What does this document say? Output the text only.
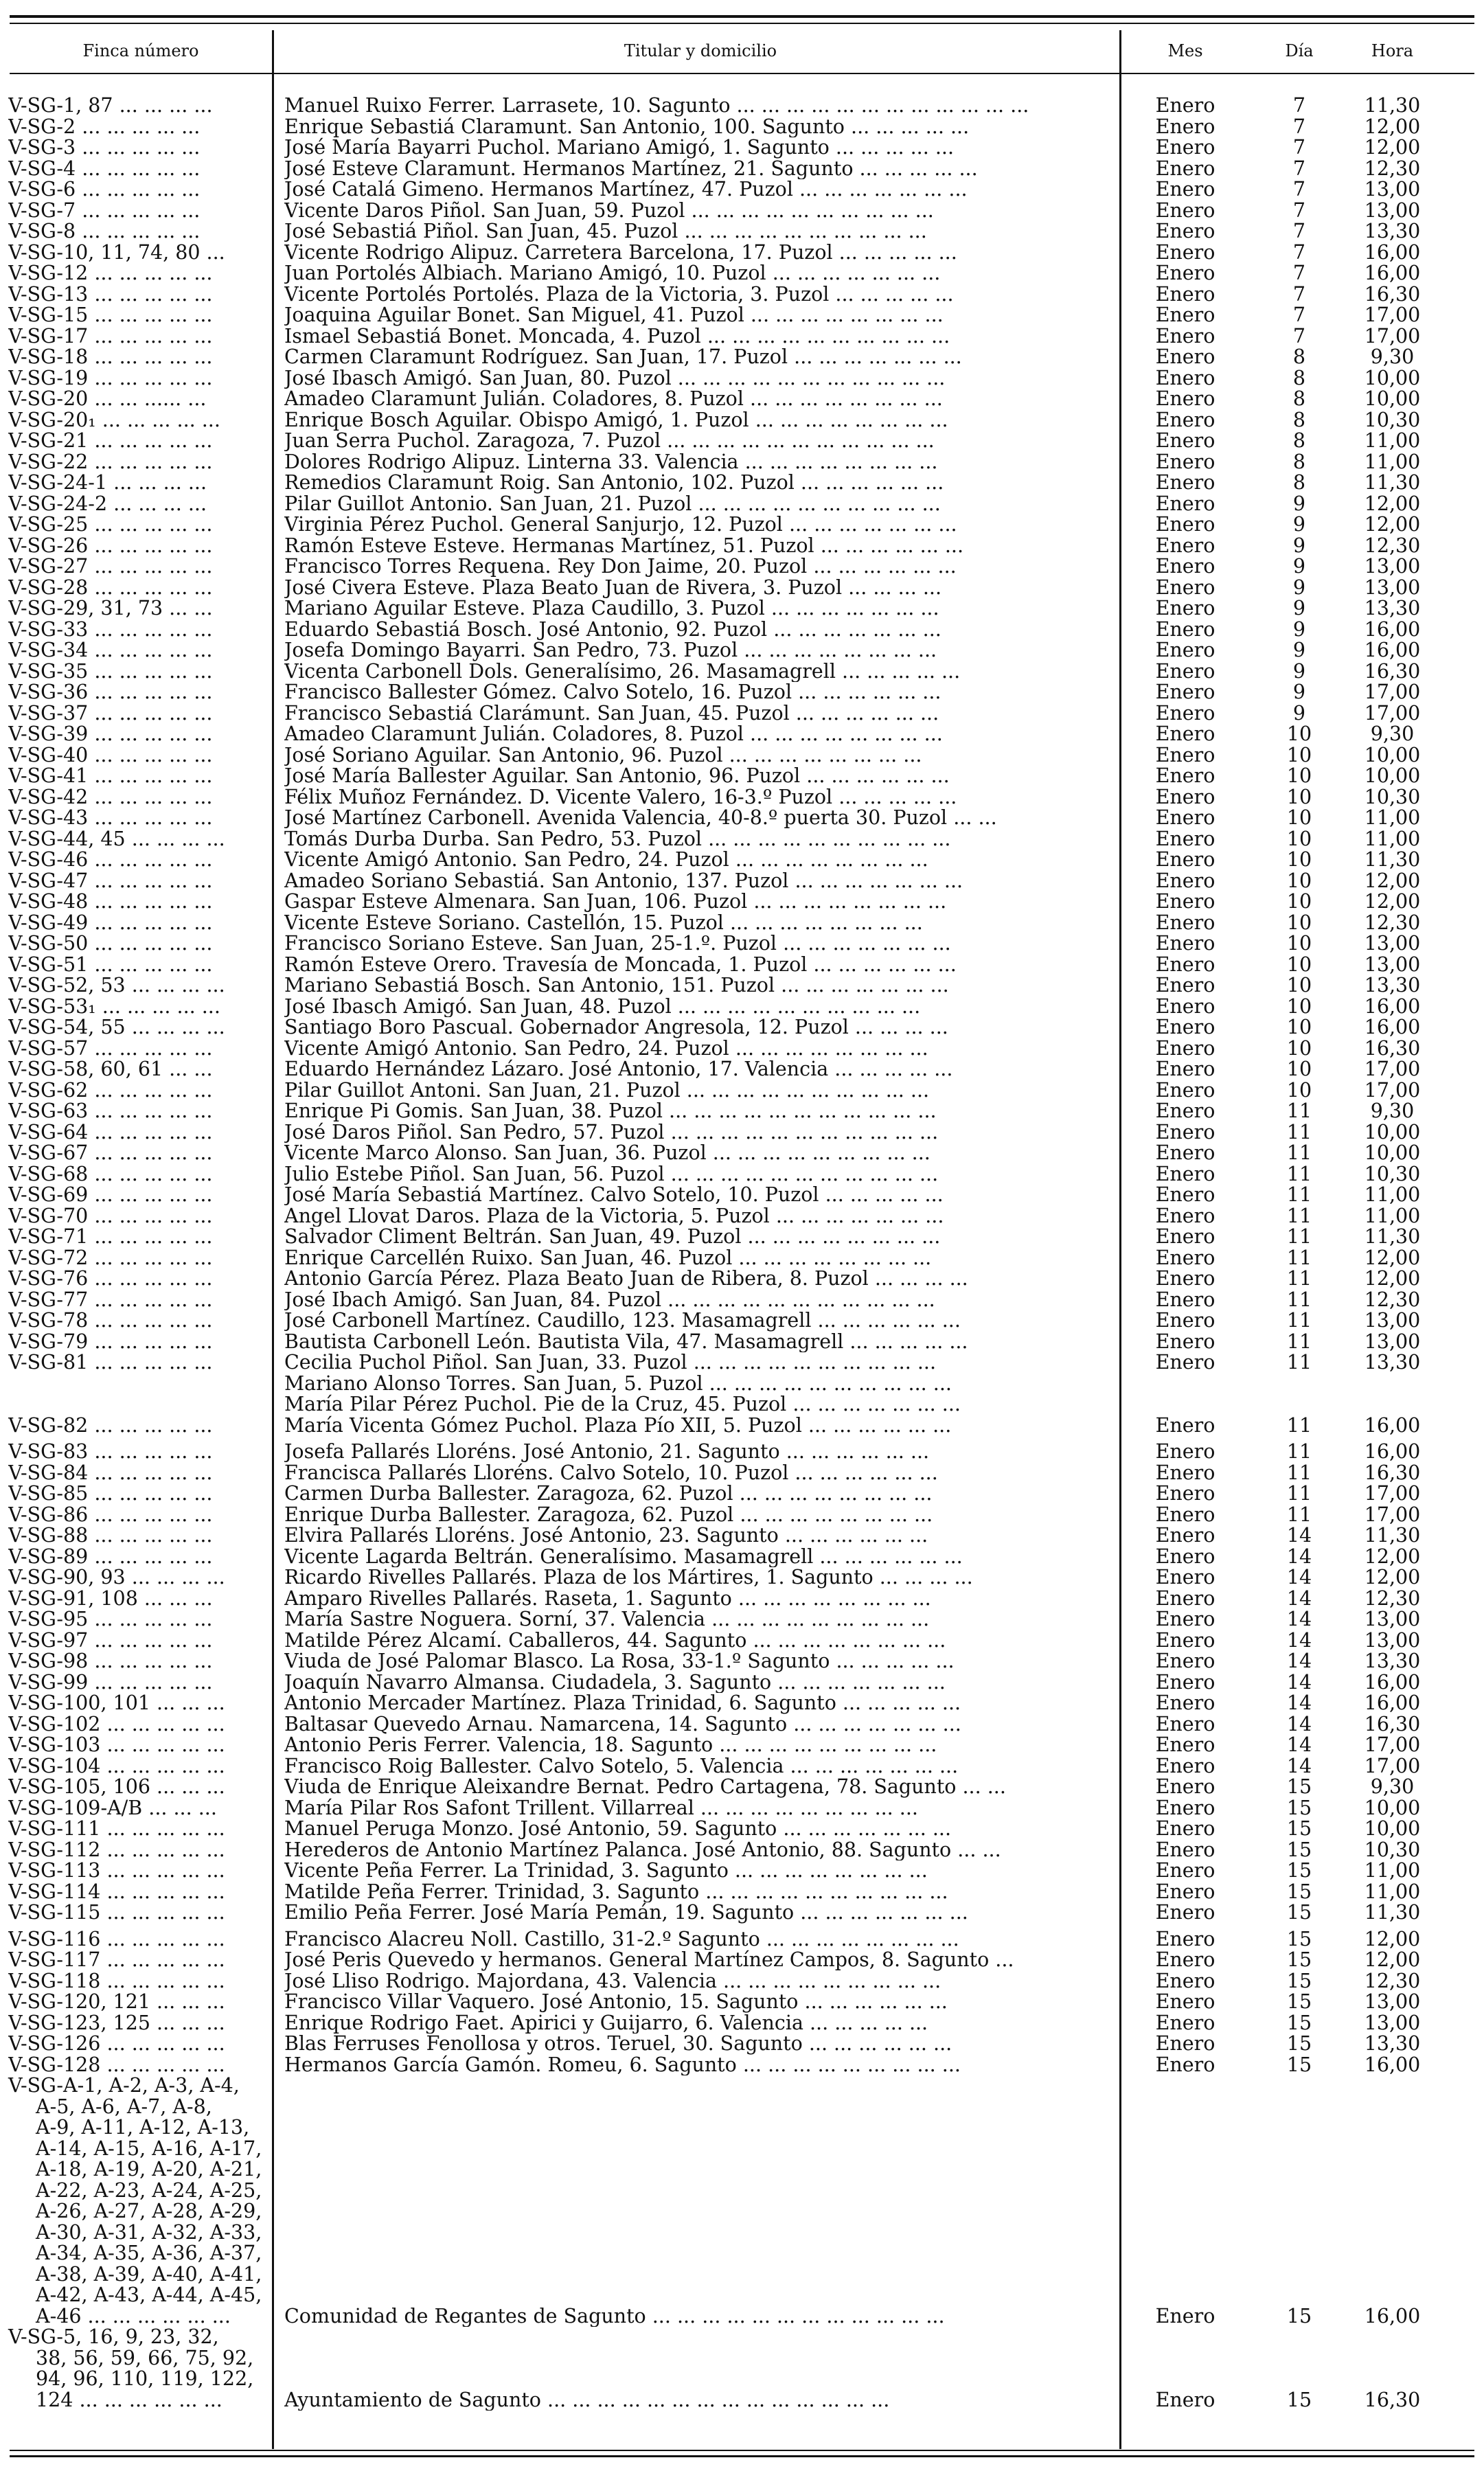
Finca número	Titular y domicilio	Mes	Día	Hora
V-SG-1, 87 ... ... ... ...	Manuel Ruixo Ferrer. Larrasete, 10. Sagunto ... ... ... ... ... ... ... ... ... ... ... ...	Enero	7	11,30
V-SG-2 ... ... ... ... ...	Enrique Sebastiá Claramunt. San Antonio, 100. Sagunto ... ... ... ... ...	Enero	7	12,00
V-SG-3 ... ... ... ... ...	José María Bayarri Puchol. Mariano Amigó, 1. Sagunto ... ... ... ... ...	Enero	7	12,00
V-SG-4 ... ... ... ... ...	José Esteve Claramunt. Hermanos Martínez, 21. Sagunto ... ... ... ... ...	Enero	7	12,30
V-SG-6 ... ... ... ... ...	José Catalá Gimeno. Hermanos Martínez, 47. Puzol ... ... ... ... ... ... ...	Enero	7	13,00
V-SG-7 ... ... ... ... ...	Vicente Daros Piñol. San Juan, 59. Puzol ... ... ... ... ... ... ... ... ... ...	Enero	7	13,00
V-SG-8 ... ... ... ... ...	José Sebastiá Piñol. San Juan, 45. Puzol ... ... ... ... ... ... ... ... ... ...	Enero	7	13,30
V-SG-10, 11, 74, 80 ...	Vicente Rodrigo Alipuz. Carretera Barcelona, 17. Puzol ... ... ... ... ...	Enero	7	16,00
V-SG-12 ... ... ... ... ...	Juan Portolés Albiach. Mariano Amigó, 10. Puzol ... ... ... ... ... ... ...	Enero	7	16,00
V-SG-13 ... ... ... ... ...	Vicente Portolés Portolés. Plaza de la Victoria, 3. Puzol ... ... ... ... ...	Enero	7	16,30
V-SG-15 ... ... ... ... ...	Joaquina Aguilar Bonet. San Miguel, 41. Puzol ... ... ... ... ... ... ... ...	Enero	7	17,00
V-SG-17 ... ... ... ... ...	Ismael Sebastiá Bonet. Moncada, 4. Puzol ... ... ... ... ... ... ... ... ... ...	Enero	7	17,00
V-SG-18 ... ... ... ... ...	Carmen Claramunt Rodríguez. San Juan, 17. Puzol ... ... ... ... ... ... ...	Enero	8	9,30
V-SG-19 ... ... ... ... ...	José Ibasch Amigó. San Juan, 80. Puzol ... ... ... ... ... ... ... ... ... ... ...	Enero	8	10,00
V-SG-20 ... ... ...... ...	Amadeo Claramunt Julián. Coladores, 8. Puzol ... ... ... ... ... ... ... ...	Enero	8	10,00
V-SG-20₁ ... ... ... ... ...	Enrique Bosch Aguilar. Obispo Amigó, 1. Puzol ... ... ... ... ... ... ... ...	Enero	8	10,30
V-SG-21 ... ... ... ... ...	Juan Serra Puchol. Zaragoza, 7. Puzol ... ... ... ... ... ... ... ... ... ... ...	Enero	8	11,00
V-SG-22 ... ... ... ... ...	Dolores Rodrigo Alipuz. Linterna 33. Valencia ... ... ... ... ... ... ... ...	Enero	8	11,00
V-SG-24-1 ... ... ... ...	Remedios Claramunt Roig. San Antonio, 102. Puzol ... ... ... ... ... ...	Enero	8	11,30
V-SG-24-2 ... ... ... ...	Pilar Guillot Antonio. San Juan, 21. Puzol ... ... ... ... ... ... ... ... ... ...	Enero	9	12,00
V-SG-25 ... ... ... ... ...	Virginia Pérez Puchol. General Sanjurjo, 12. Puzol ... ... ... ... ... ... ...	Enero	9	12,00
V-SG-26 ... ... ... ... ...	Ramón Esteve Esteve. Hermanas Martínez, 51. Puzol ... ... ... ... ... ...	Enero	9	12,30
V-SG-27 ... ... ... ... ...	Francisco Torres Requena. Rey Don Jaime, 20. Puzol ... ... ... ... ... ...	Enero	9	13,00
V-SG-28 ... ... ... ... ...	José Civera Esteve. Plaza Beato Juan de Rivera, 3. Puzol ... ... ... ...	Enero	9	13,00
V-SG-29, 31, 73 ... ...	Mariano Aguilar Esteve. Plaza Caudillo, 3. Puzol ... ... ... ... ... ... ...	Enero	9	13,30
V-SG-33 ... ... ... ... ...	Eduardo Sebastiá Bosch. José Antonio, 92. Puzol ... ... ... ... ... ... ...	Enero	9	16,00
V-SG-34 ... ... ... ... ...	Josefa Domingo Bayarri. San Pedro, 73. Puzol ... ... ... ... ... ... ... ...	Enero	9	16,00
V-SG-35 ... ... ... ... ...	Vicenta Carbonell Dols. Generalísimo, 26. Masamagrell ... ... ... ... ...	Enero	9	16,30
V-SG-36 ... ... ... ... ...	Francisco Ballester Gómez. Calvo Sotelo, 16. Puzol ... ... ... ... ... ...	Enero	9	17,00
V-SG-37 ... ... ... ... ...	Francisco Sebastiá Clarámunt. San Juan, 45. Puzol ... ... ... ... ... ...	Enero	9	17,00
V-SG-39 ... ... ... ... ...	Amadeo Claramunt Julián. Coladores, 8. Puzol ... ... ... ... ... ... ... ...	Enero	10	9,30
V-SG-40 ... ... ... ... ...	José Soriano Aguilar. San Antonio, 96. Puzol ... ... ... ... ... ... ... ...	Enero	10	10,00
V-SG-41 ... ... ... ... ...	José María Ballester Aguilar. San Antonio, 96. Puzol ... ... ... ... ... ...	Enero	10	10,00
V-SG-42 ... ... ... ... ...	Félix Muñoz Fernández. D. Vicente Valero, 16-3.º Puzol ... ... ... ... ...	Enero	10	10,30
V-SG-43 ... ... ... ... ...	José Martínez Carbonell. Avenida Valencia, 40-8.º puerta 30. Puzol ... ...	Enero	10	11,00
V-SG-44, 45 ... ... ... ...	Tomás Durba Durba. San Pedro, 53. Puzol ... ... ... ... ... ... ... ... ... ...	Enero	10	11,00
V-SG-46 ... ... ... ... ...	Vicente Amigó Antonio. San Pedro, 24. Puzol ... ... ... ... ... ... ... ...	Enero	10	11,30
V-SG-47 ... ... ... ... ...	Amadeo Soriano Sebastiá. San Antonio, 137. Puzol ... ... ... ... ... ... ...	Enero	10	12,00
V-SG-48 ... ... ... ... ...	Gaspar Esteve Almenara. San Juan, 106. Puzol ... ... ... ... ... ... ... ...	Enero	10	12,00
V-SG-49 ... ... ... ... ...	Vicente Esteve Soriano. Castellón, 15. Puzol ... ... ... ... ... ... ... ...	Enero	10	12,30
V-SG-50 ... ... ... ... ...	Francisco Soriano Esteve. San Juan, 25-1.º. Puzol ... ... ... ... ... ... ...	Enero	10	13,00
V-SG-51 ... ... ... ... ...	Ramón Esteve Orero. Travesía de Moncada, 1. Puzol ... ... ... ... ... ...	Enero	10	13,00
V-SG-52, 53 ... ... ... ...	Mariano Sebastiá Bosch. San Antonio, 151. Puzol ... ... ... ... ... ... ...	Enero	10	13,30
V-SG-53₁ ... ... ... ... ...	José Ibasch Amigó. San Juan, 48. Puzol ... ... ... ... ... ... ... ... ... ...	Enero	10	16,00
V-SG-54, 55 ... ... ... ...	Santiago Boro Pascual. Gobernador Angresola, 12. Puzol ... ... ... ...	Enero	10	16,00
V-SG-57 ... ... ... ... ...	Vicente Amigó Antonio. San Pedro, 24. Puzol ... ... ... ... ... ... ... ...	Enero	10	16,30
V-SG-58, 60, 61 ... ...	Eduardo Hernández Lázaro. José Antonio, 17. Valencia ... ... ... ... ...	Enero	10	17,00
V-SG-62 ... ... ... ... ...	Pilar Guillot Antoni. San Juan, 21. Puzol ... ... ... ... ... ... ... ... ... ...	Enero	10	17,00
V-SG-63 ... ... ... ... ...	Enrique Pi Gomis. San Juan, 38. Puzol ... ... ... ... ... ... ... ... ... ... ...	Enero	11	9,30
V-SG-64 ... ... ... ... ...	José Daros Piñol. San Pedro, 57. Puzol ... ... ... ... ... ... ... ... ... ... ...	Enero	11	10,00
V-SG-67 ... ... ... ... ...	Vicente Marco Alonso. San Juan, 36. Puzol ... ... ... ... ... ... ... ... ...	Enero	11	10,00
V-SG-68 ... ... ... ... ...	Julio Estebe Piñol. San Juan, 56. Puzol ... ... ... ... ... ... ... ... ... ... ...	Enero	11	10,30
V-SG-69 ... ... ... ... ...	José María Sebastiá Martínez. Calvo Sotelo, 10. Puzol ... ... ... ... ...	Enero	11	11,00
V-SG-70 ... ... ... ... ...	Angel Llovat Daros. Plaza de la Victoria, 5. Puzol ... ... ... ... ... ... ...	Enero	11	11,00
V-SG-71 ... ... ... ... ...	Salvador Climent Beltrán. San Juan, 49. Puzol ... ... ... ... ... ... ... ...	Enero	11	11,30
V-SG-72 ... ... ... ... ...	Enrique Carcellén Ruixo. San Juan, 46. Puzol ... ... ... ... ... ... ... ...	Enero	11	12,00
V-SG-76 ... ... ... ... ...	Antonio García Pérez. Plaza Beato Juan de Ribera, 8. Puzol ... ... ... ...	Enero	11	12,00
V-SG-77 ... ... ... ... ...	José Ibach Amigó. San Juan, 84. Puzol ... ... ... ... ... ... ... ... ... ... ...	Enero	11	12,30
V-SG-78 ... ... ... ... ...	José Carbonell Martínez. Caudillo, 123. Masamagrell ... ... ... ... ... ...	Enero	11	13,00
V-SG-79 ... ... ... ... ...	Bautista Carbonell León. Bautista Vila, 47. Masamagrell ... ... ... ... ...	Enero	11	13,00
V-SG-81 ... ... ... ... ...	Cecilia Puchol Piñol. San Juan, 33. Puzol ... ... ... ... ... ... ... ... ... ...	Enero	11	13,30
Mariano Alonso Torres. San Juan, 5. Puzol ... ... ... ... ... ... ... ... ... ...
María Pilar Pérez Puchol. Pie de la Cruz, 45. Puzol ... ... ... ... ... ... ...
V-SG-82 ... ... ... ... ...	María Vicenta Gómez Puchol. Plaza Pío XII, 5. Puzol ... ... ... ... ... ...	Enero	11	16,00
V-SG-83 ... ... ... ... ...	Josefa Pallarés Lloréns. José Antonio, 21. Sagunto ... ... ... ... ... ...	Enero	11	16,00
V-SG-84 ... ... ... ... ...	Francisca Pallarés Lloréns. Calvo Sotelo, 10. Puzol ... ... ... ... ... ...	Enero	11	16,30
V-SG-85 ... ... ... ... ...	Carmen Durba Ballester. Zaragoza, 62. Puzol ... ... ... ... ... ... ... ...	Enero	11	17,00
V-SG-86 ... ... ... ... ...	Enrique Durba Ballester. Zaragoza, 62. Puzol ... ... ... ... ... ... ... ...	Enero	11	17,00
V-SG-88 ... ... ... ... ...	Elvira Pallarés Lloréns. José Antonio, 23. Sagunto ... ... ... ... ... ...	Enero	14	11,30
V-SG-89 ... ... ... ... ...	Vicente Lagarda Beltrán. Generalísimo. Masamagrell ... ... ... ... ... ...	Enero	14	12,00
V-SG-90, 93 ... ... ... ...	Ricardo Rivelles Pallarés. Plaza de los Mártires, 1. Sagunto ... ... ... ...	Enero	14	12,00
V-SG-91, 108 ... ... ...	Amparo Rivelles Pallarés. Raseta, 1. Sagunto ... ... ... ... ... ... ... ...	Enero	14	12,30
V-SG-95 ... ... ... ... ...	María Sastre Noguera. Sorní, 37. Valencia ... ... ... ... ... ... ... ... ...	Enero	14	13,00
V-SG-97 ... ... ... ... ...	Matilde Pérez Alcamí. Caballeros, 44. Sagunto ... ... ... ... ... ... ... ...	Enero	14	13,00
V-SG-98 ... ... ... ... ...	Viuda de José Palomar Blasco. La Rosa, 33-1.º Sagunto ... ... ... ... ...	Enero	14	13,30
V-SG-99 ... ... ... ... ...	Joaquín Navarro Almansa. Ciudadela, 3. Sagunto ... ... ... ... ... ... ...	Enero	14	16,00
V-SG-100, 101 ... ... ...	Antonio Mercader Martínez. Plaza Trinidad, 6. Sagunto ... ... ... ... ...	Enero	14	16,00
V-SG-102 ... ... ... ... ...	Baltasar Quevedo Arnau. Namarcena, 14. Sagunto ... ... ... ... ... ... ...	Enero	14	16,30
V-SG-103 ... ... ... ... ...	Antonio Peris Ferrer. Valencia, 18. Sagunto ... ... ... ... ... ... ... ... ...	Enero	14	17,00
V-SG-104 ... ... ... ... ...	Francisco Roig Ballester. Calvo Sotelo, 5. Valencia ... ... ... ... ... ... ...	Enero	14	17,00
V-SG-105, 106 ... ... ...	Viuda de Enrique Aleixandre Bernat. Pedro Cartagena, 78. Sagunto ... ...	Enero	15	9,30
V-SG-109-A/B ... ... ...	María Pilar Ros Safont Trillent. Villarreal ... ... ... ... ... ... ... ... ...	Enero	15	10,00
V-SG-111 ... ... ... ... ...	Manuel Peruga Monzo. José Antonio, 59. Sagunto ... ... ... ... ... ... ...	Enero	15	10,00
V-SG-112 ... ... ... ... ...	Herederos de Antonio Martínez Palanca. José Antonio, 88. Sagunto ... ...	Enero	15	10,30
V-SG-113 ... ... ... ... ...	Vicente Peña Ferrer. La Trinidad, 3. Sagunto ... ... ... ... ... ... ... ...	Enero	15	11,00
V-SG-114 ... ... ... ... ...	Matilde Peña Ferrer. Trinidad, 3. Sagunto ... ... ... ... ... ... ... ... ... ...	Enero	15	11,00
V-SG-115 ... ... ... ... ...	Emilio Peña Ferrer. José María Pemán, 19. Sagunto ... ... ... ... ... ... ...	Enero	15	11,30
V-SG-116 ... ... ... ... ...	Francisco Alacreu Noll. Castillo, 31-2.º Sagunto ... ... ... ... ... ... ... ...	Enero	15	12,00
V-SG-117 ... ... ... ... ...	José Peris Quevedo y hermanos. General Martínez Campos, 8. Sagunto ...	Enero	15	12,00
V-SG-118 ... ... ... ... ...	José Lliso Rodrigo. Majordana, 43. Valencia ... ... ... ... ... ... ... ... ...	Enero	15	12,30
V-SG-120, 121 ... ... ...	Francisco Villar Vaquero. José Antonio, 15. Sagunto ... ... ... ... ... ...	Enero	15	13,00
V-SG-123, 125 ... ... ...	Enrique Rodrigo Faet. Apirici y Guijarro, 6. Valencia ... ... ... ... ...	Enero	15	13,00
V-SG-126 ... ... ... ... ...	Blas Ferruses Fenollosa y otros. Teruel, 30. Sagunto ... ... ... ... ... ...	Enero	15	13,30
V-SG-128 ... ... ... ... ...	Hermanos García Gamón. Romeu, 6. Sagunto ... ... ... ... ... ... ... ... ...	Enero	15	16,00
V-SG-A-1, A-2, A-3, A-4,
A-5, A-6, A-7, A-8,
A-9, A-11, A-12, A-13,
A-14, A-15, A-16, A-17,
A-18, A-19, A-20, A-21,
A-22, A-23, A-24, A-25,
A-26, A-27, A-28, A-29,
A-30, A-31, A-32, A-33,
A-34, A-35, A-36, A-37,
A-38, A-39, A-40, A-41,
A-42, A-43, A-44, A-45,
A-46 ... ... ... ... ... ...	Comunidad de Regantes de Sagunto ... ... ... ... ... ... ... ... ... ... ... ...	Enero	15	16,00
V-SG-5, 16, 9, 23, 32,
38, 56, 59, 66, 75, 92,
94, 96, 110, 119, 122,
124 ... ... ... ... ... ...	Ayuntamiento de Sagunto ... ... ... ... ... ... ... ... ... ... ... ... ... ...	Enero	15	16,30
